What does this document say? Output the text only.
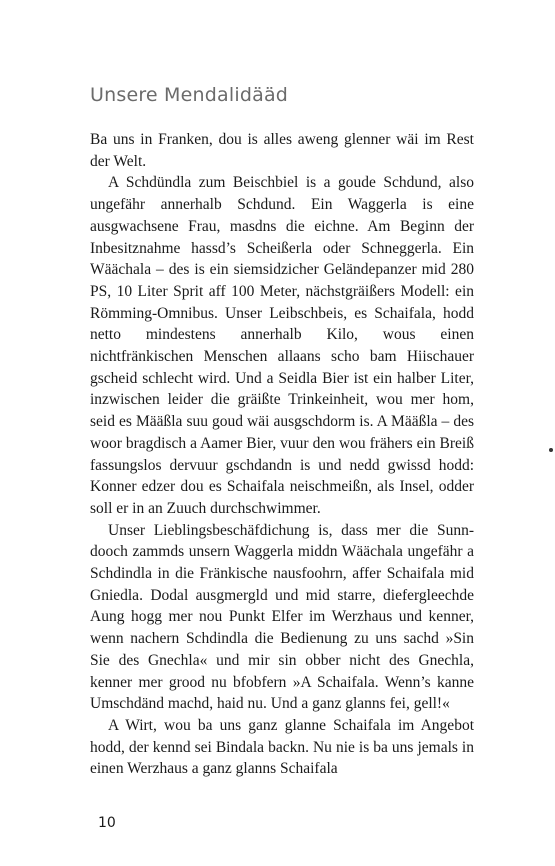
Unsere Mendalidääd

Ba uns in Franken, dou is alles aweng glenner wäi im Rest der Welt.

A Schdündla zum Beischbiel is a goude Schdund, also ungefähr annerhalb Schdund. Ein Waggerla is eine ausgwachsene Frau, masdns die eichne. Am Beginn der Inbesitznahme hassd’s Scheißerla oder Schneggerla. Ein Wäächala – des is ein siemsidzicher Geländepanzer mid 280 PS, 10 Liter Sprit aff 100 Meter, nächstgräißers Modell: ein Römming-Omnibus. Unser Leibschbeis, es Schaifala, hodd netto mindestens annerhalb Kilo, wous einen nichtfränkischen Menschen allaans scho bam Hiischauer gscheid schlecht wird. Und a Seidla Bier ist ein halber Liter, inzwischen leider die gräißte Trinkeinheit, wou mer hom, seid es Määßla suu goud wäi ausgschdorm is. A Määßla – des woor bragdisch a Aamer Bier, vuur den wou frähers ein Breiß fassungslos dervuur gschdandn is und nedd gwissd hodd: Konner edzer dou es Schaifala neischmeißn, als Insel, odder soll er in an Zuuch durchschwimmer.

Unser Lieblingsbeschäfdichung is, dass mer die Sunndooch zammds unsern Waggerla middn Wäächala ungefähr a Schdindla in die Fränkische nausfoohrn, affer Schaifala mid Gniedla. Dodal ausgmergld und mid starre, diefergleechde Aung hogg mer nou Punkt Elfer im Werzhaus und kenner, wenn nachern Schdindla die Bedienung zu uns sachd »Sin Sie des Gnechla« und mir sin obber nicht des Gnechla, kenner mer grood nu bfobfern »A Schaifala. Wenn’s kanne Umschdänd machd, haid nu. Und a ganz glanns fei, gell!«

A Wirt, wou ba uns ganz glanne Schaifala im Angebot hodd, der kennd sei Bindala backn. Nu nie is ba uns jemals in einen Werzhaus a ganz glanns Schaifala

10
